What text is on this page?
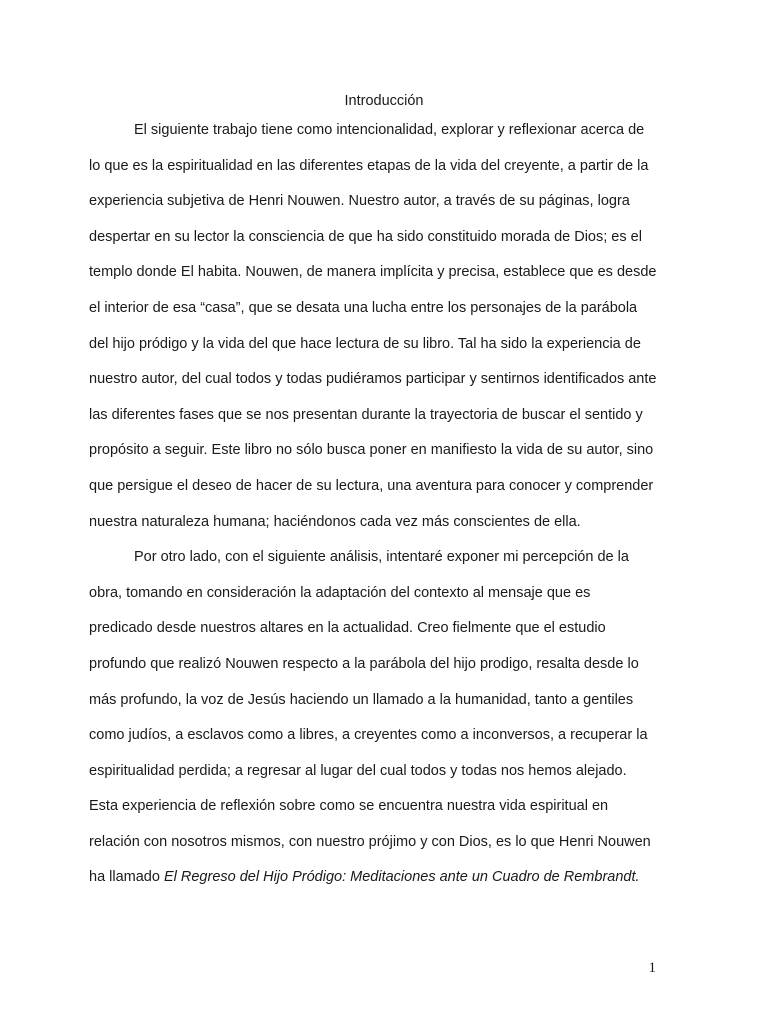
Introducción
El siguiente trabajo tiene como intencionalidad, explorar y reflexionar acerca de
lo que es la espiritualidad en las diferentes etapas de la vida del creyente, a partir de la
experiencia subjetiva de Henri Nouwen. Nuestro autor, a través de su páginas, logra
despertar en su lector la consciencia de que ha sido constituido morada de Dios; es el
templo donde El habita. Nouwen, de manera implícita y precisa, establece que es desde
el interior de esa “casa”, que se desata una lucha entre los personajes de la parábola
del hijo pródigo y la vida del que hace lectura de su libro. Tal ha sido la experiencia de
nuestro autor, del cual todos y todas pudiéramos participar y sentirnos identificados ante
las diferentes fases que se nos presentan durante la trayectoria de buscar el sentido y
propósito a seguir. Este libro no sólo busca poner en manifiesto la vida de su autor, sino
que persigue el deseo de hacer de su lectura, una aventura para conocer y comprender
nuestra naturaleza humana; haciéndonos cada vez más conscientes de ella.
Por otro lado, con el siguiente análisis, intentaré exponer mi percepción de la
obra, tomando en consideración la adaptación del contexto al mensaje que es
predicado desde nuestros altares en la actualidad. Creo fielmente que el estudio
profundo que realizó Nouwen respecto a la parábola del hijo prodigo, resalta desde lo
más profundo, la voz de Jesús haciendo un llamado a la humanidad, tanto a gentiles
como judíos, a esclavos como a libres, a creyentes como a inconversos, a recuperar la
espiritualidad perdida; a regresar al lugar del cual todos y todas nos hemos alejado.
Esta experiencia de reflexión sobre como se encuentra nuestra vida espiritual en
relación con nosotros mismos, con nuestro prójimo y con Dios, es lo que Henri Nouwen
ha llamado El Regreso del Hijo Pródigo: Meditaciones ante un Cuadro de Rembrandt.
1
